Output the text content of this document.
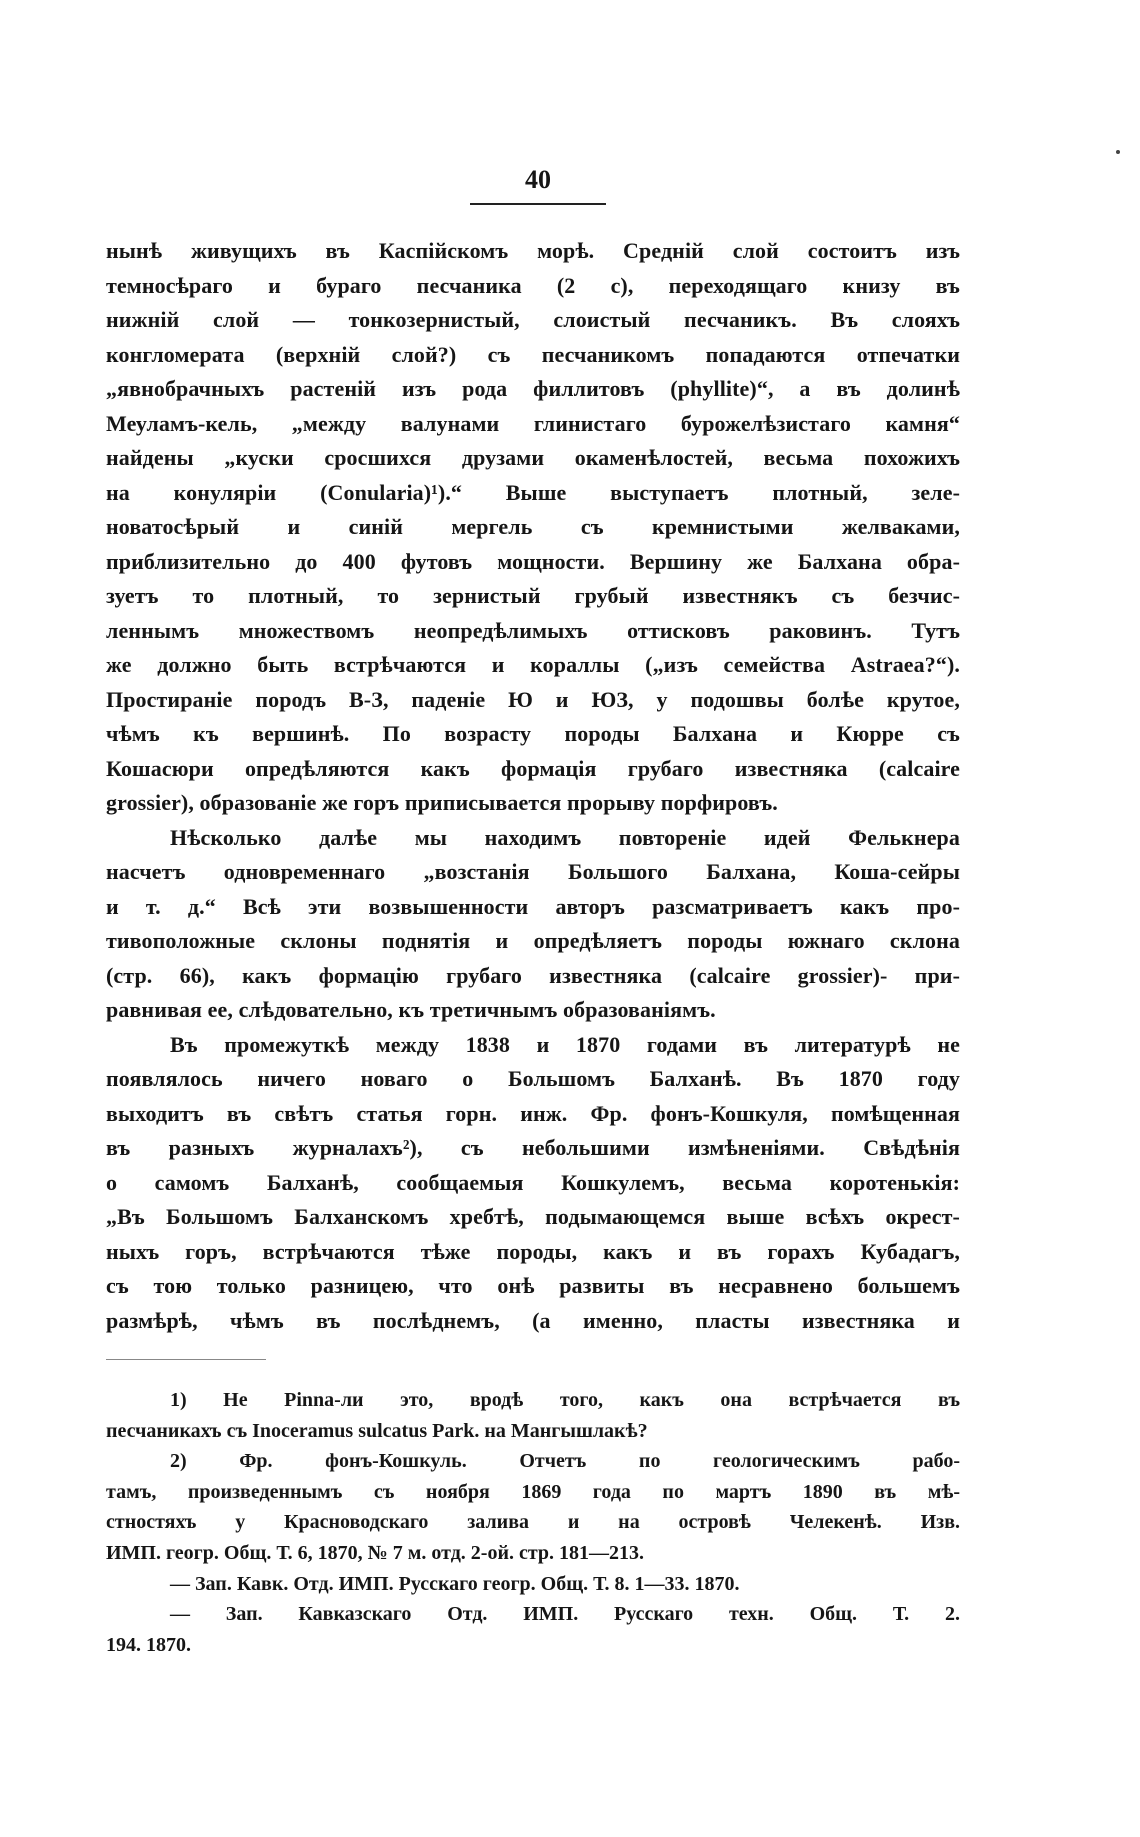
40
нынѣ живущихъ въ Каспійскомъ морѣ. Средній слой состоитъ изъ
темносѣраго и бураго песчаника (2 с), переходящаго книзу въ
нижній слой — тонкозернистый, слоистый песчаникъ. Въ слояхъ
конгломерата (верхній слой?) съ песчаникомъ попадаются отпечатки
„явнобрачныхъ растеній изъ рода филлитовъ (phyllite)“, а въ долинѣ
Меуламъ-кель, „между валунами глинистаго бурожелѣзистаго камня“
найдены „куски сросшихся друзами окаменѣлостей, весьма похожихъ
на конуляріи (Conularia)¹).“ Выше выступаетъ плотный, зеле-
новатосѣрый и синій мергель съ кремнистыми желваками,
приблизительно до 400 футовъ мощности. Вершину же Балхана обра-
зуетъ то плотный, то зернистый грубый известнякъ съ безчис-
леннымъ множествомъ неопредѣлимыхъ оттисковъ раковинъ. Тутъ
же должно быть встрѣчаются и кораллы („изъ семейства Astraea?“).
Простираніе породъ В-З, паденіе Ю и ЮЗ, у подошвы болѣе крутое,
чѣмъ къ вершинѣ. По возрасту породы Балхана и Кюрре съ
Кошасюри опредѣляются какъ формація грубаго известняка (calcaire
grossier), образованіе же горъ приписывается прорыву порфировъ.
Нѣсколько далѣе мы находимъ повтореніе идей Фелькнера
насчетъ одновременнаго „возстанія Большого Балхана, Коша-сейры
и т. д.“ Всѣ эти возвышенности авторъ разсматриваетъ какъ про-
тивоположные склоны поднятія и опредѣляетъ породы южнаго склона
(стр. 66), какъ формацію грубаго известняка (calcaire grossier)- при-
равнивая ее, слѣдовательно, къ третичнымъ образованіямъ.
Въ промежуткѣ между 1838 и 1870 годами въ литературѣ не
появлялось ничего новаго о Большомъ Балханѣ. Въ 1870 году
выходитъ въ свѣтъ статья горн. инж. Фр. фонъ-Кошкуля, помѣщенная
въ разныхъ журналахъ²), съ небольшими измѣненіями. Свѣдѣнія
о самомъ Балханѣ, сообщаемыя Кошкулемъ, весьма коротенькія:
„Въ Большомъ Балханскомъ хребтѣ, подымающемся выше всѣхъ окрест-
ныхъ горъ, встрѣчаются тѣже породы, какъ и въ горахъ Кубадагъ,
съ тою только разницею, что онѣ развиты въ несравнено большемъ
размѣрѣ, чѣмъ въ послѣднемъ, (а именно, пласты известняка и
1) Не Pinna-ли это, вродѣ того, какъ она встрѣчается въ
песчаникахъ съ Inoceramus sulcatus Park. на Мангышлакѣ?
2) Фр. фонъ-Кошкуль. Отчетъ по геологическимъ рабо-
тамъ, произведеннымъ съ ноября 1869 года по мартъ 1890 въ мѣ-
стностяхъ у Красноводскаго залива и на островѣ Челекенѣ. Изв.
ИМП. геогр. Общ. Т. 6, 1870, № 7 м. отд. 2-ой. стр. 181—213.
— Зап. Кавк. Отд. ИМП. Русскаго геогр. Общ. Т. 8. 1—33. 1870.
— Зап. Кавказскаго Отд. ИМП. Русскаго техн. Общ. Т. 2.
194. 1870.
